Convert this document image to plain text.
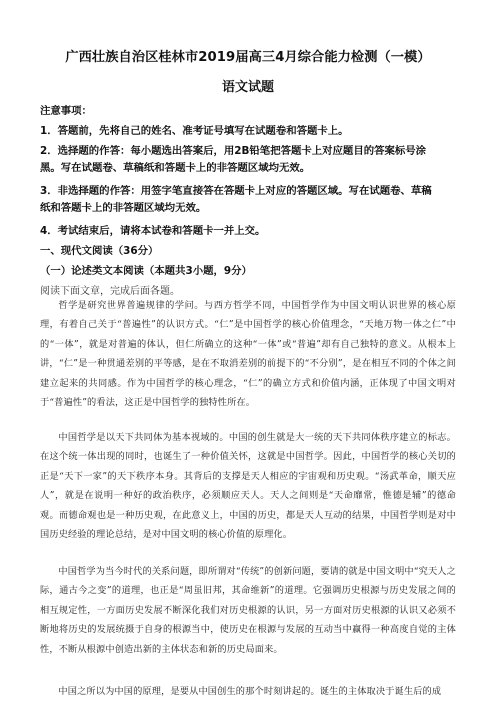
广西壮族自治区桂林市2019届高三4月综合能力检测（一模）
语文试题
注意事项：
1．答题前，先将自己的姓名、准考证号填写在试题卷和答题卡上。
2．选择题的作答：每小题选出答案后，用2B铅笔把答题卡上对应题目的答案标号涂
黑。写在试题卷、草稿纸和答题卡上的非答题区域均无效。
3．非选择题的作答：用签字笔直接答在答题卡上对应的答题区域。写在试题卷、草稿
纸和答题卡上的非答题区域均无效。
4．考试结束后，请将本试卷和答题卡一并上交。
一、现代文阅读（36分）
（一）论述类文本阅读（本题共3小题，9分）
阅读下面文章，完成后面各题。
哲学是研究世界普遍规律的学问。与西方哲学不同，中国哲学作为中国文明认识世界的核心原理，有着自己关于“普遍性”的认识方式。“仁”是中国哲学的核心价值理念，“天地万物一体之仁”中的“一体”，就是对普遍的体认，但仁所确立的这种“一体”或“普遍”却有自己独特的意义。从根本上讲，“仁”是一种贯通差别的平等感，是在不取消差别的前提下的“不分别”，是在相互不同的个体之间建立起来的共同感。作为中国哲学的核心理念，“仁”的确立方式和价值内涵，正体现了中国文明对于“普遍性”的看法，这正是中国哲学的独特性所在。
中国哲学是以天下共同体为基本视域的。中国的创生就是大一统的天下共同体秩序建立的标志。在这个统一体出现的同时，也诞生了一种价值关怀，这就是中国哲学。因此，中国哲学的核心关切的正是“天下一家”的天下秩序本身。其背后的支撑是天人相应的宇宙观和历史观。“汤武革命，顺天应人”，就是在说明一种好的政治秩序，必须顺应天人。天人之间则是“天命靡常，惟德是辅”的德命观。而德命观也是一种历史观，在此意义上，中国的历史，都是天人互动的结果，中国哲学则是对中国历史经验的理论总结，是对中国文明的核心价值的原理化。
中国哲学为当今时代的关系问题，即所谓对“传统”的创新问题，要请的就是中国文明中“究天人之际，通古今之变”的道理，也正是“周虽旧邦，其命维新”的道理。它强调历史根源与历史发展之间的相互规定性，一方面历史发展不断深化我们对历史根源的认识，另一方面对历史根源的认识又必须不断地将历史的发展统摄于自身的根源当中，使历史在根源与发展的互动当中赢得一种高度自觉的主体性，不断从根源中创造出新的主体状态和新的历史局面来。
中国之所以为中国的原理，是要从中国创生的那个时刻讲起的。诞生的主体取决于诞生后的成
